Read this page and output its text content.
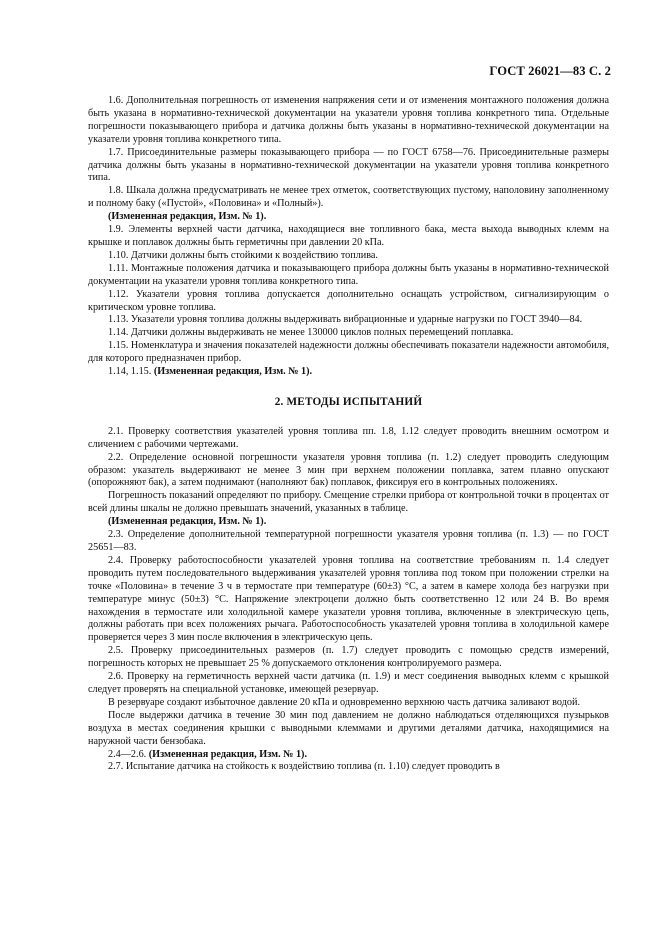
ГОСТ 26021—83 С. 2

1.6. Дополнительная погрешность от изменения напряжения сети и от изменения монтажного положения должна быть указана в нормативно-технической документации на указатели уровня топлива конкретного типа. Отдельные погрешности показывающего прибора и датчика должны быть указаны в нормативно-технической документации на указатели уровня топлива конкретного типа.

1.7. Присоединительные размеры показывающего прибора — по ГОСТ 6758—76. Присоединительные размеры датчика должны быть указаны в нормативно-технической документации на указатели уровня топлива конкретного типа.

1.8. Шкала должна предусматривать не менее трех отметок, соответствующих пустому, наполовину заполненному и полному баку («Пустой», «Половина» и «Полный»).

(Измененная редакция, Изм. № 1).

1.9. Элементы верхней части датчика, находящиеся вне топливного бака, места выхода выводных клемм на крышке и поплавок должны быть герметичны при давлении 20 кПа.

1.10. Датчики должны быть стойкими к воздействию топлива.

1.11. Монтажные положения датчика и показывающего прибора должны быть указаны в нормативно-технической документации на указатели уровня топлива конкретного типа.

1.12. Указатели уровня топлива допускается дополнительно оснащать устройством, сигнализирующим о критическом уровне топлива.

1.13. Указатели уровня топлива должны выдерживать вибрационные и ударные нагрузки по ГОСТ 3940—84.

1.14. Датчики должны выдерживать не менее 130000 циклов полных перемещений поплавка.

1.15. Номенклатура и значения показателей надежности должны обеспечивать показатели надежности автомобиля, для которого предназначен прибор.

1.14, 1.15. (Измененная редакция, Изм. № 1).

2. МЕТОДЫ ИСПЫТАНИЙ

2.1. Проверку соответствия указателей уровня топлива пп. 1.8, 1.12 следует проводить внешним осмотром и сличением с рабочими чертежами.

2.2. Определение основной погрешности указателя уровня топлива (п. 1.2) следует проводить следующим образом: указатель выдерживают не менее 3 мин при верхнем положении поплавка, затем плавно опускают (опорожняют бак), а затем поднимают (наполняют бак) поплавок, фиксируя его в контрольных положениях.

Погрешность показаний определяют по прибору. Смещение стрелки прибора от контрольной точки в процентах от всей длины шкалы не должно превышать значений, указанных в таблице.

(Измененная редакция, Изм. № 1).

2.3. Определение дополнительной температурной погрешности указателя уровня топлива (п. 1.3) — по ГОСТ 25651—83.

2.4. Проверку работоспособности указателей уровня топлива на соответствие требованиям п. 1.4 следует проводить путем последовательного выдерживания указателей уровня топлива под током при положении стрелки на точке «Половина» в течение 3 ч в термостате при температуре (60±3) °С, а затем в камере холода без нагрузки при температуре минус (50±3) °С. Напряжение электроцепи должно быть соответственно 12 или 24 В. Во время нахождения в термостате или холодильной камере указатели уровня топлива, включенные в электрическую цепь, должны работать при всех положениях рычага. Работоспособность указателей уровня топлива в холодильной камере проверяется через 3 мин после включения в электрическую цепь.

2.5. Проверку присоединительных размеров (п. 1.7) следует проводить с помощью средств измерений, погрешность которых не превышает 25 % допускаемого отклонения контролируемого размера.

2.6. Проверку на герметичность верхней части датчика (п. 1.9) и мест соединения выводных клемм с крышкой следует проверять на специальной установке, имеющей резервуар.

В резервуаре создают избыточное давление 20 кПа и одновременно верхнюю часть датчика заливают водой.

После выдержки датчика в течение 30 мин под давлением не должно наблюдаться отделяющихся пузырьков воздуха в местах соединения крышки с выводными клеммами и другими деталями датчика, находящимися на наружной части бензобака.

2.4—2.6. (Измененная редакция, Изм. № 1).

2.7. Испытание датчика на стойкость к воздействию топлива (п. 1.10) следует проводить в
